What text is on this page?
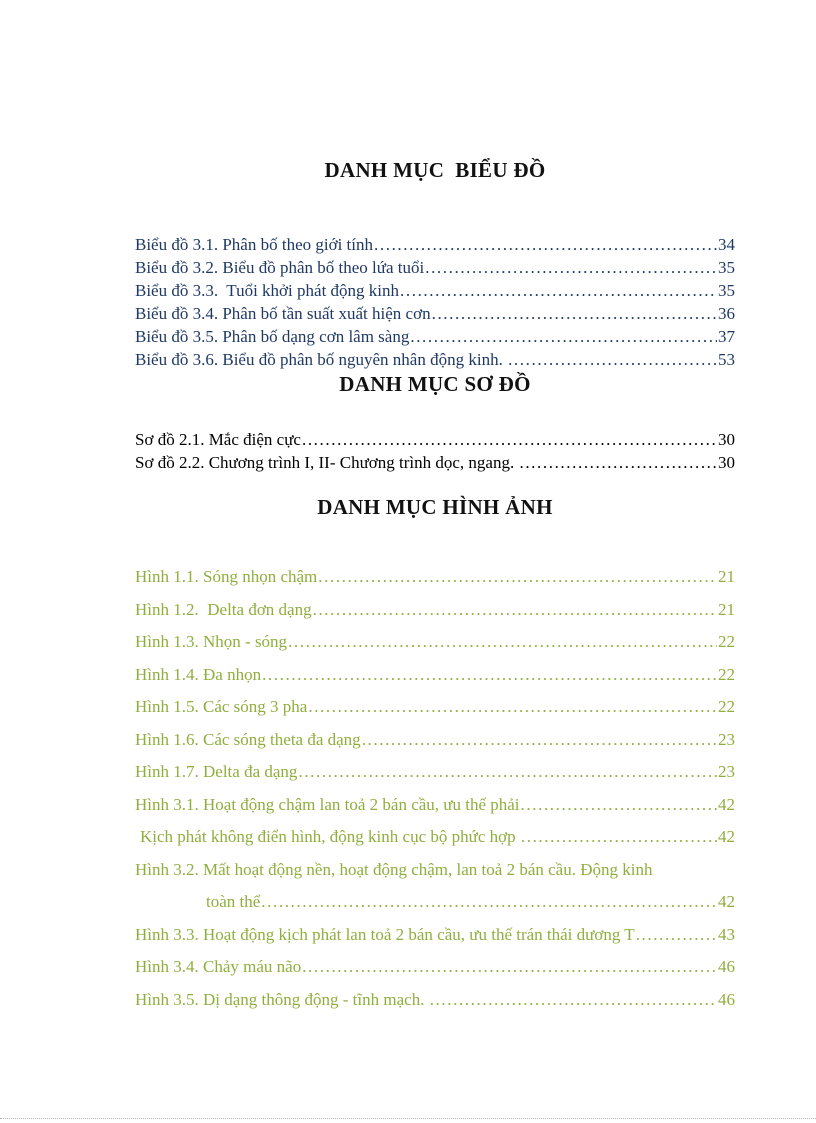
DANH MỤC  BIỂU ĐỒ
Biểu đồ 3.1. Phân bố theo giới tính .....	34
Biểu đồ 3.2. Biểu đồ phân bố theo lứa tuổi .....	35
Biểu đồ 3.3.  Tuổi khởi phát động kinh .....	35
Biểu đồ 3.4. Phân bố tần suất xuất hiện cơn .....	36
Biểu đồ 3.5. Phân bố dạng cơn lâm sàng .....	37
Biểu đồ 3.6. Biểu đồ phân bố nguyên nhân động kinh. .....	53
DANH MỤC SƠ ĐỒ
Sơ đồ 2.1. Mắc điện cực .....	30
Sơ đồ 2.2. Chương trình I, II- Chương trình dọc, ngang. .....	30
DANH MỤC HÌNH ẢNH
Hình 1.1. Sóng nhọn chậm .....	21
Hình 1.2.  Delta đơn dạng .....	21
Hình 1.3. Nhọn - sóng .....	22
Hình 1.4. Đa nhọn .....	22
Hình 1.5. Các sóng 3 pha .....	22
Hình 1.6. Các sóng theta đa dạng .....	23
Hình 1.7. Delta đa dạng .....	23
Hình 3.1. Hoạt động chậm lan toả 2 bán cầu, ưu thế phải .....	42
Kịch phát không điển hình, động kinh cục bộ phức hợp .....	42
Hình 3.2. Mất hoạt động nền, hoạt động chậm, lan toả 2 bán cầu. Động kinh
toàn thể .....	42
Hình 3.3. Hoạt động kịch phát lan toả 2 bán cầu, ưu thế trán thái dương T .....	43
Hình 3.4. Chảy máu não .....	46
Hình 3.5. Dị dạng thông động - tĩnh mạch. .....	46
